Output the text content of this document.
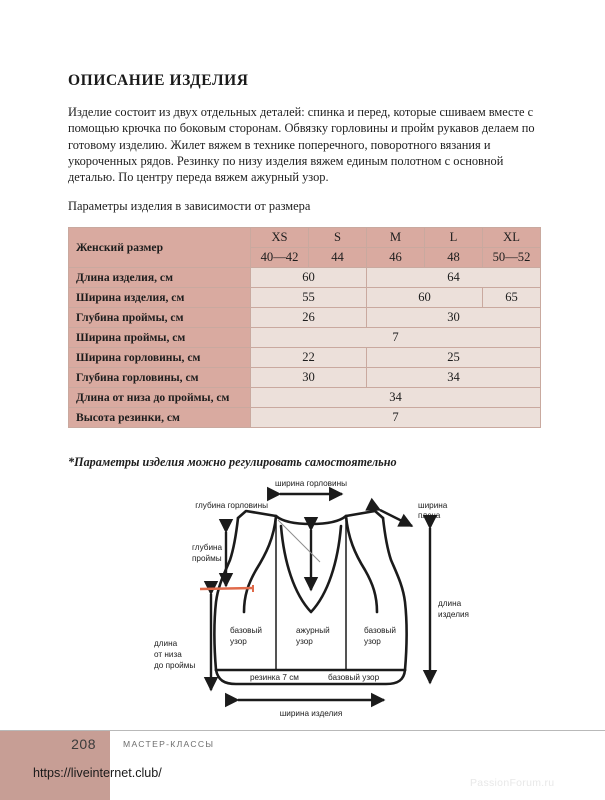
ОПИСАНИЕ ИЗДЕЛИЯ

Изделие состоит из двух отдельных деталей: спинка и перед, которые сшиваем вместе с помощью крючка по боковым сторонам. Обвязку горловины и пройм рукавов делаем по готовому изделию. Жилет вяжем в технике поперечного, поворотного вязания и укороченных рядов. Резинку по низу изделия вяжем единым полотном с основной деталью. По центру переда вяжем ажурный узор.

Параметры изделия в зависимости от размера
Женский размер	XS	S	M	L	XL
	40—42	44	46	48	50—52
Длина изделия, см	60		64		
Ширина изделия, см	55		60		65
Глубина проймы, см	26		30		
Ширина проймы, см	7				
Ширина горловины, см	22		25		
Глубина горловины, см	30		34		
Длина от низа до проймы, см	34				
Высота резинки, см	7				
*Параметры изделия можно регулировать самостоятельно
ширина горловины
глубина горловины	ширина
плеча
глубина
проймы
длина
изделия
длина
от низа
до проймы
ширина изделия
базовый
узор
ажурный
узор
базовый
узор
резинка 7 см	базовый узор
208	МАСТЕР-КЛАССЫ
https://liveinternet.club/
PassionForum.ru
